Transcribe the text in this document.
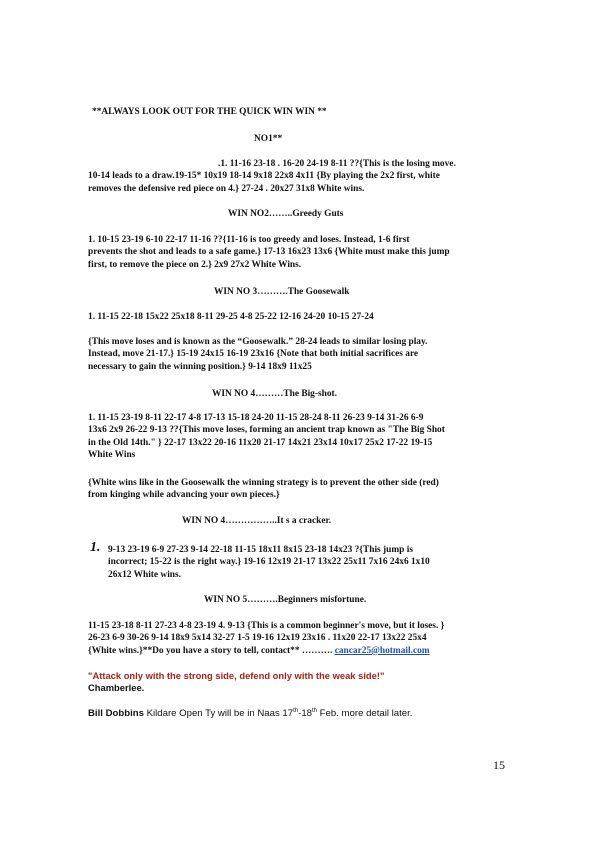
**ALWAYS LOOK OUT FOR THE QUICK WIN WIN **
NO1**
.1. 11-16 23-18 . 16-20 24-19 8-11 ??{This is the losing move.
10-14 leads to a draw.19-15* 10x19 18-14 9x18 22x8 4x11 {By playing the 2x2 first, white
removes the defensive red piece on 4.} 27-24 . 20x27 31x8 White wins.
WIN NO2……..Greedy Guts
1. 10-15 23-19 6-10 22-17 11-16 ??{11-16 is too greedy and loses. Instead, 1-6 first
prevents the shot and leads to a safe game.} 17-13 16x23 13x6 {White must make this jump
first, to remove the piece on 2.} 2x9 27x2 White Wins.
WIN NO 3……….The Goosewalk
1. 11-15 22-18 15x22 25x18 8-11 29-25 4-8 25-22 12-16 24-20 10-15 27-24
{This move loses and is known as the “Goosewalk.” 28-24 leads to similar losing play.
Instead, move 21-17.} 15-19 24x15 16-19 23x16 {Note that both initial sacrifices are
necessary to gain the winning position.} 9-14 18x9 11x25
WIN NO 4………The Big-shot.
1. 11-15 23-19 8-11 22-17 4-8 17-13 15-18 24-20 11-15 28-24 8-11 26-23 9-14 31-26 6-9
13x6 2x9 26-22 9-13 ??{This move loses, forming an ancient trap known as "The Big Shot
in the Old 14th." } 22-17 13x22 20-16 11x20 21-17 14x21 23x14 10x17 25x2 17-22 19-15
White Wins
{White wins like in the Goosewalk the winning strategy is to prevent the other side (red)
from kinging while advancing your own pieces.}
WIN NO 4……………..It s a cracker.
1. 9-13 23-19 6-9 27-23 9-14 22-18 11-15 18x11 8x15 23-18 14x23 ?{This jump is
incorrect; 15-22 is the right way.} 19-16 12x19 21-17 13x22 25x11 7x16 24x6 1x10
26x12 White wins.
WIN NO 5……….Beginners misfortune.
11-15 23-18 8-11 27-23 4-8 23-19 4. 9-13 {This is a common beginner's move, but it loses. }
26-23 6-9 30-26 9-14 18x9 5x14 32-27 1-5 19-16 12x19 23x16 . 11x20 22-17 13x22 25x4
{White wins.}**Do you have a story to tell, contact** ………. cancar25@hotmail.com
"Attack only with the strong side, defend only with the weak side!"
Chamberlee.
Bill Dobbins Kildare Open Ty will be in Naas 17th-18th Feb. more detail later.
15
